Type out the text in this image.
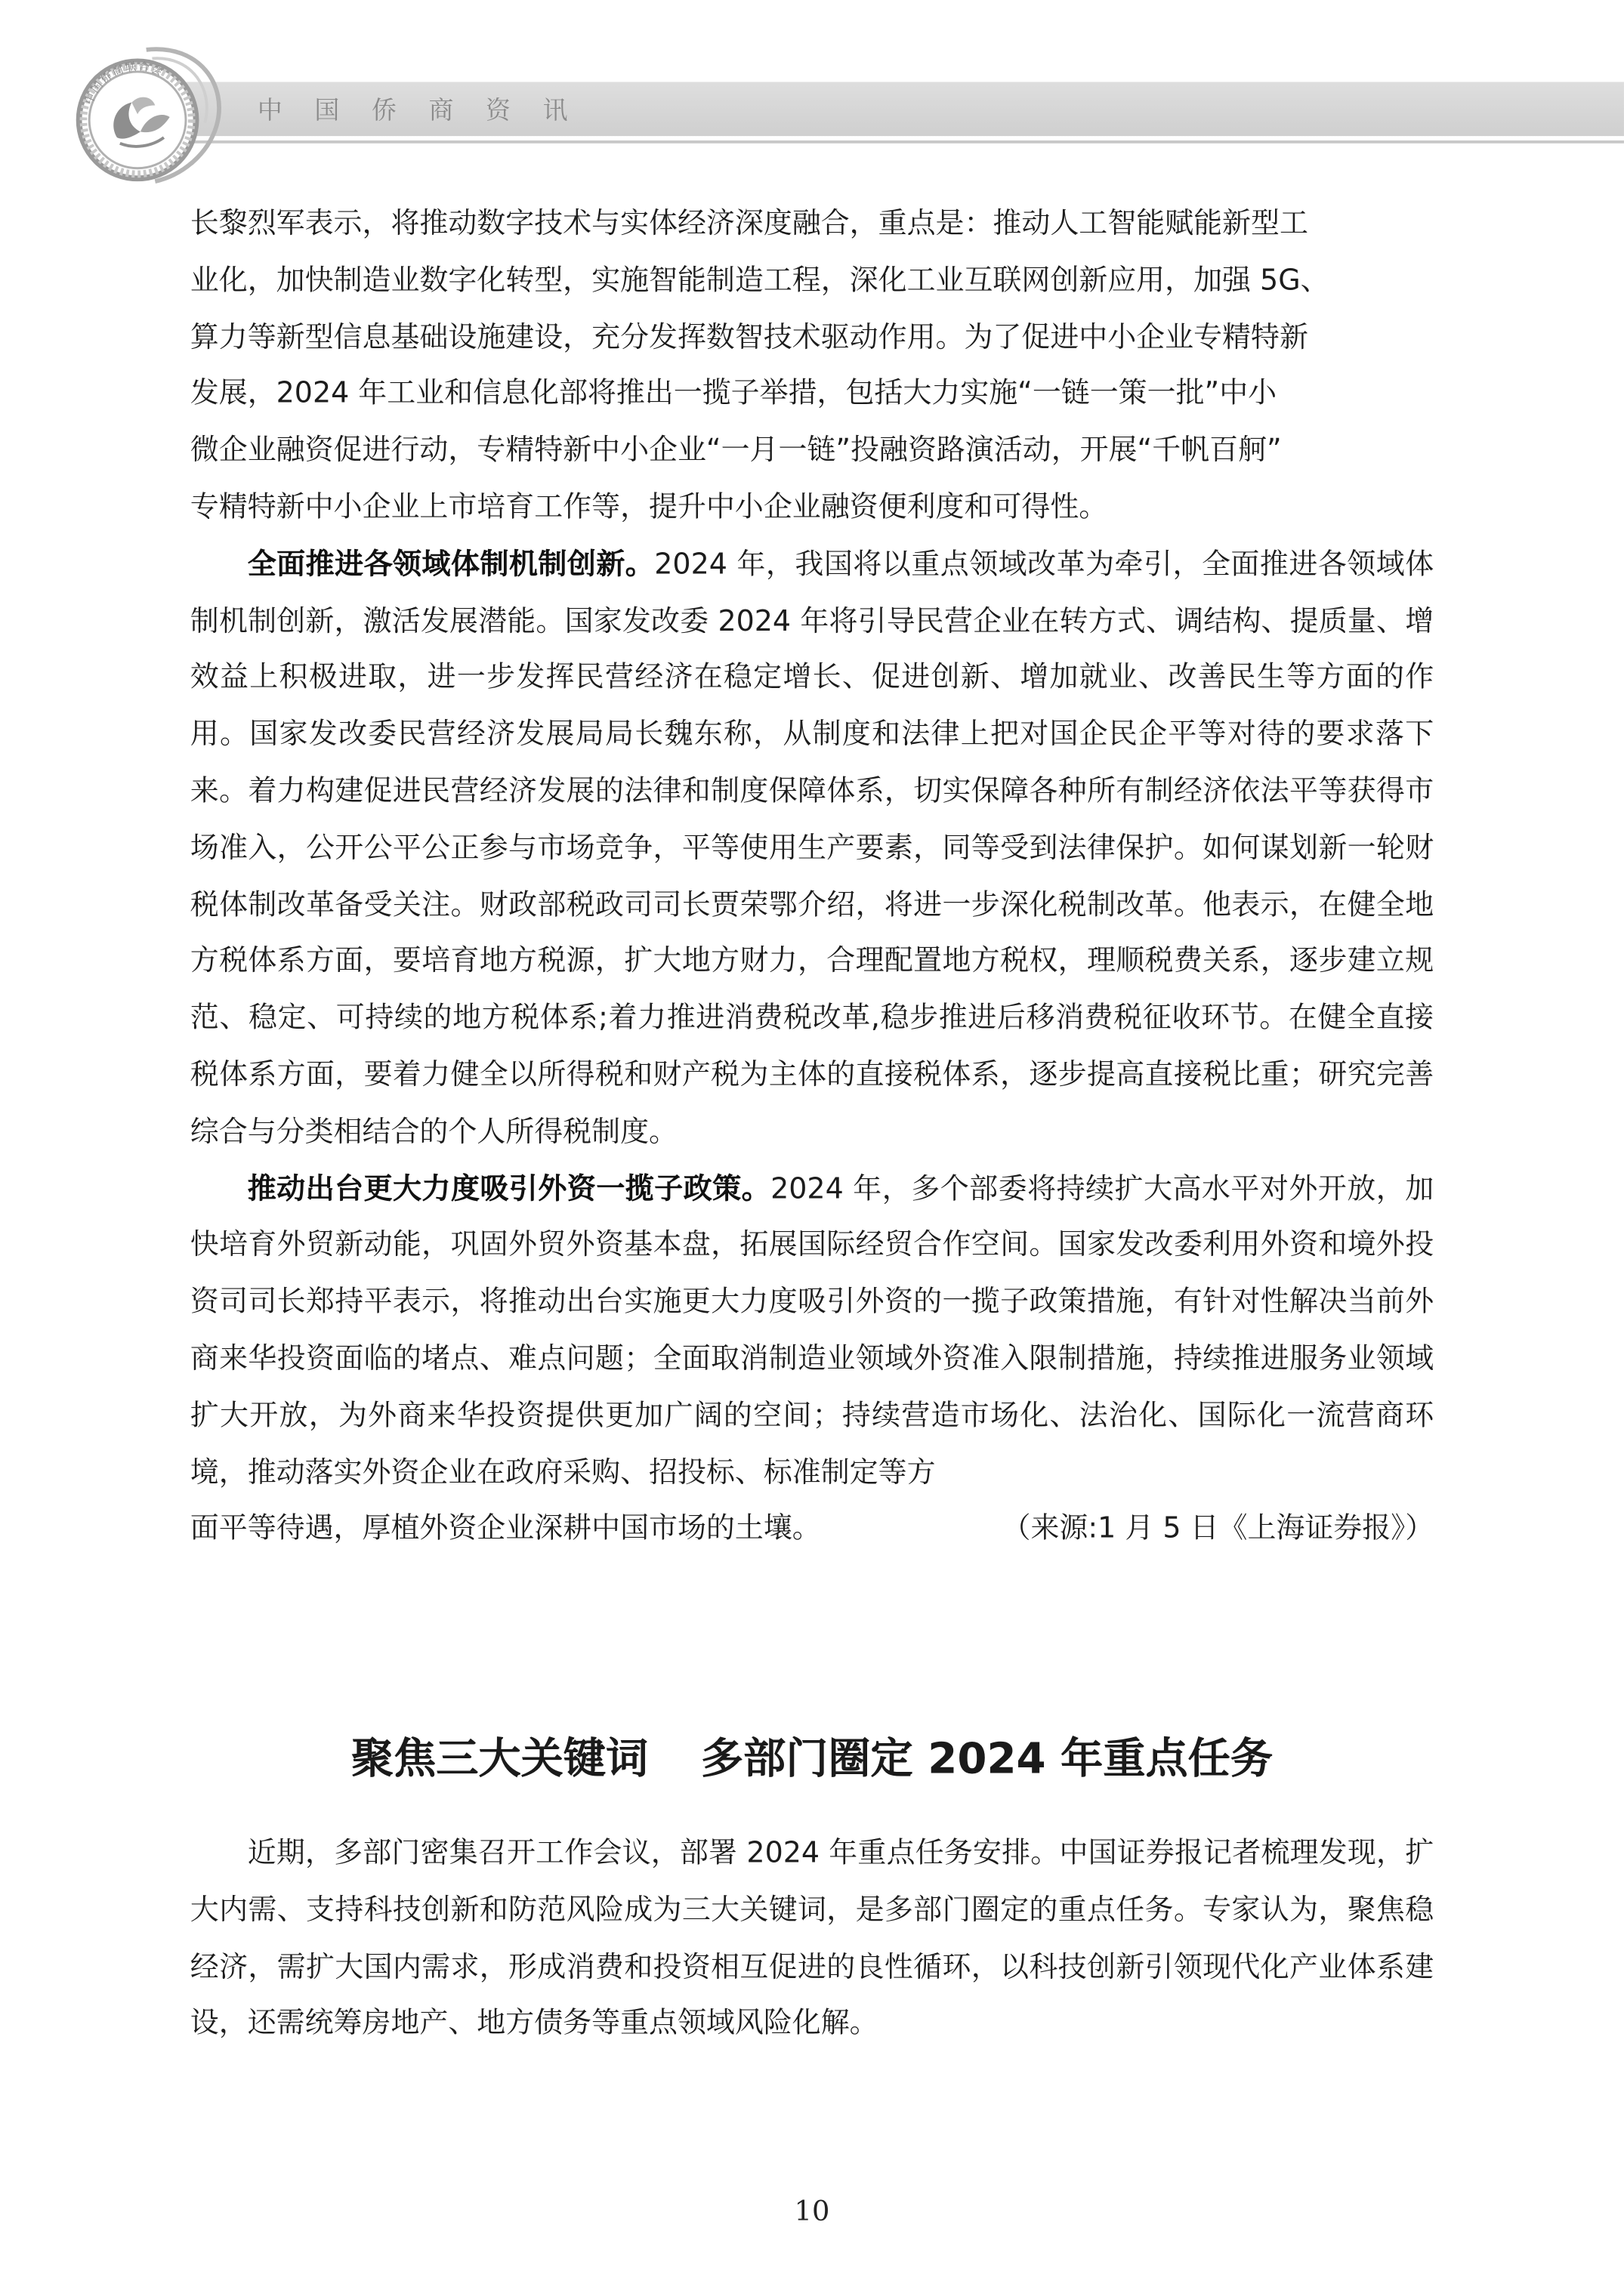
中国侨商资讯
中国侨商联合会

长黎烈军表示，将推动数字技术与实体经济深度融合，重点是：推动人工智能赋能新型工
业化，加快制造业数字化转型，实施智能制造工程，深化工业互联网创新应用，加强 5G、
算力等新型信息基础设施建设，充分发挥数智技术驱动作用。为了促进中小企业专精特新
发展，2024 年工业和信息化部将推出一揽子举措，包括大力实施“一链一策一批”中小
微企业融资促进行动，专精特新中小企业“一月一链”投融资路演活动，开展“千帆百舸”
专精特新中小企业上市培育工作等，提升中小企业融资便利度和可得性。

全面推进各领域体制机制创新。2024 年，我国将以重点领域改革为牵引，全面推进各领域体制机制创新，激活发展潜能。国家发改委 2024 年将引导民营企业在转方式、调结构、提质量、增效益上积极进取，进一步发挥民营经济在稳定增长、促进创新、增加就业、改善民生等方面的作用。国家发改委民营经济发展局局长魏东称，从制度和法律上把对国企民企平等对待的要求落下来。着力构建促进民营经济发展的法律和制度保障体系，切实保障各种所有制经济依法平等获得市场准入，公开公平公正参与市场竞争，平等使用生产要素，同等受到法律保护。如何谋划新一轮财税体制改革备受关注。财政部税政司司长贾荣鄂介绍，将进一步深化税制改革。他表示，在健全地方税体系方面，要培育地方税源，扩大地方财力，合理配置地方税权，理顺税费关系，逐步建立规范、稳定、可持续的地方税体系;着力推进消费税改革,稳步推进后移消费税征收环节。在健全直接税体系方面，要着力健全以所得税和财产税为主体的直接税体系，逐步提高直接税比重；研究完善综合与分类相结合的个人所得税制度。

推动出台更大力度吸引外资一揽子政策。2024 年，多个部委将持续扩大高水平对外开放，加快培育外贸新动能，巩固外贸外资基本盘，拓展国际经贸合作空间。国家发改委利用外资和境外投资司司长郑持平表示，将推动出台实施更大力度吸引外资的一揽子政策措施，有针对性解决当前外商来华投资面临的堵点、难点问题；全面取消制造业领域外资准入限制措施，持续推进服务业领域扩大开放，为外商来华投资提供更加广阔的空间；持续营造市场化、法治化、国际化一流营商环境，推动落实外资企业在政府采购、招投标、标准制定等方

面平等待遇，厚植外资企业深耕中国市场的土壤。	（来源:1 月 5 日《上海证券报》）
聚焦三大关键词 多部门圈定 2024 年重点任务

近期，多部门密集召开工作会议，部署 2024 年重点任务安排。中国证券报记者梳理发现，扩大内需、支持科技创新和防范风险成为三大关键词，是多部门圈定的重点任务。专家认为，聚焦稳经济，需扩大国内需求，形成消费和投资相互促进的良性循环，以科技创新引领现代化产业体系建设，还需统筹房地产、地方债务等重点领域风险化解。

10
